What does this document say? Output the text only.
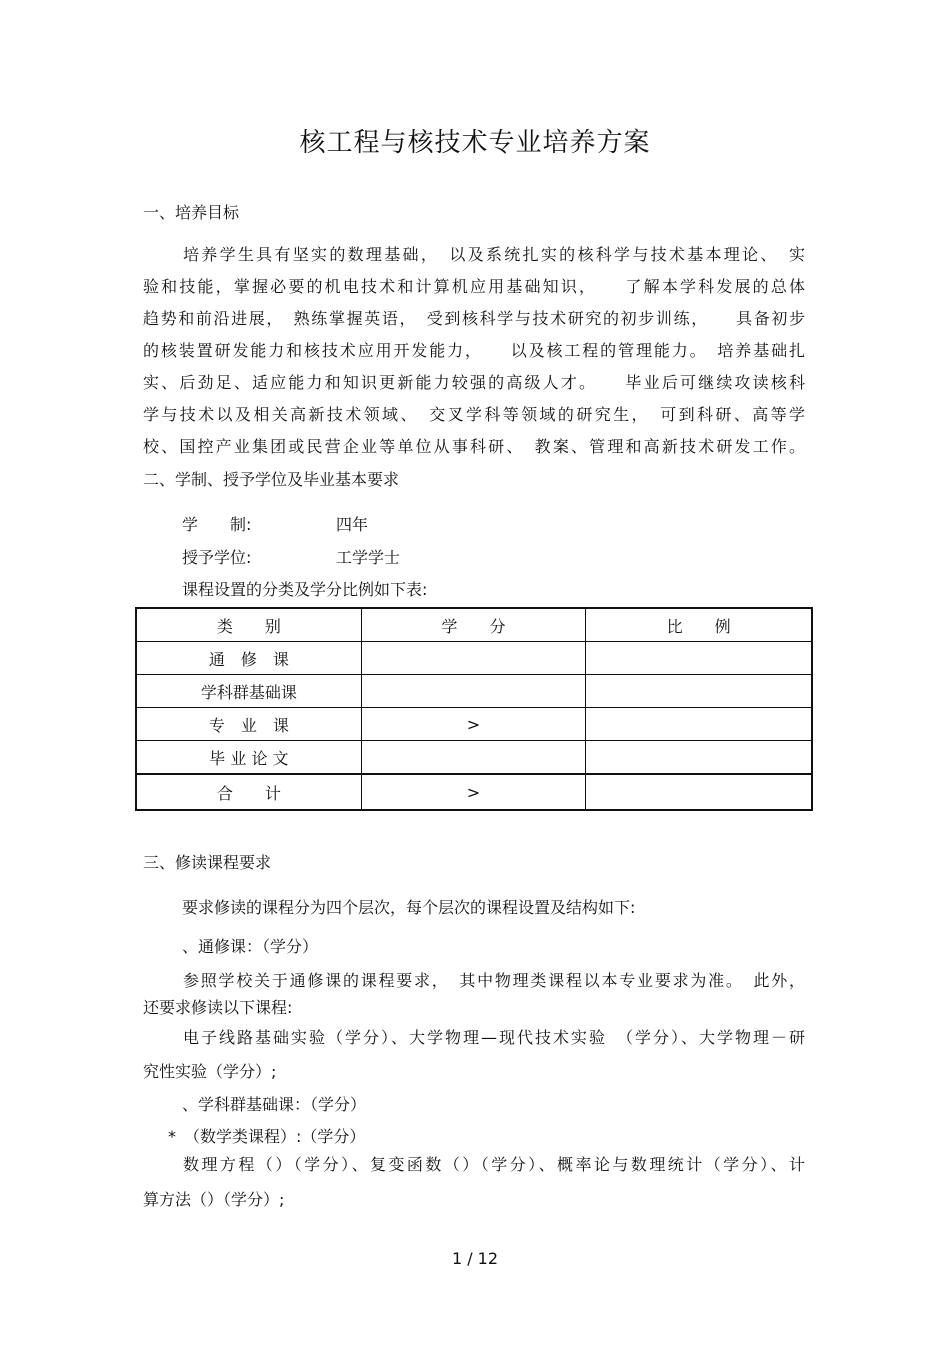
核工程与核技术专业培养方案
一、培养目标
培养学生具有坚实的数理基础，　以及系统扎实的核科学与技术基本理论、　实
验和技能，掌握必要的机电技术和计算机应用基础知识，　　了解本学科发展的总体
趋势和前沿进展，　熟练掌握英语，　受到核科学与技术研究的初步训练，　　具备初步
的核装置研发能力和核技术应用开发能力，　　以及核工程的管理能力。　培养基础扎
实、后劲足、适应能力和知识更新能力较强的高级人才。　　毕业后可继续攻读核科
学与技术以及相关高新技术领域、　交叉学科等领域的研究生，　可到科研、高等学
校、国控产业集团或民营企业等单位从事科研、　教案、管理和高新技术研发工作。
二、学制、授予学位及毕业基本要求
学　　制:	四年
授予学位:	工学学士
课程设置的分类及学分比例如下表:
类　　别	学　　分	比　　例
通　修　课		
学科群基础课		
专　业　课	>	
毕 业 论 文		
合　　计	>	
三、修读课程要求
要求修读的课程分为四个层次，每个层次的课程设置及结构如下:
、通修课：（学分）
参照学校关于通修课的课程要求，　其中物理类课程以本专业要求为准。　此外，
还要求修读以下课程:
电子线路基础实验（学分）、大学物理—现代技术实验　（学分）、大学物理－研
究性实验（学分）;
、学科群基础课：（学分）
*　（数学类课程）:（学分）
数理方程（）（学分）、复变函数（）（学分）、概率论与数理统计（学分）、计
算方法（）（学分）;
1 / 12
